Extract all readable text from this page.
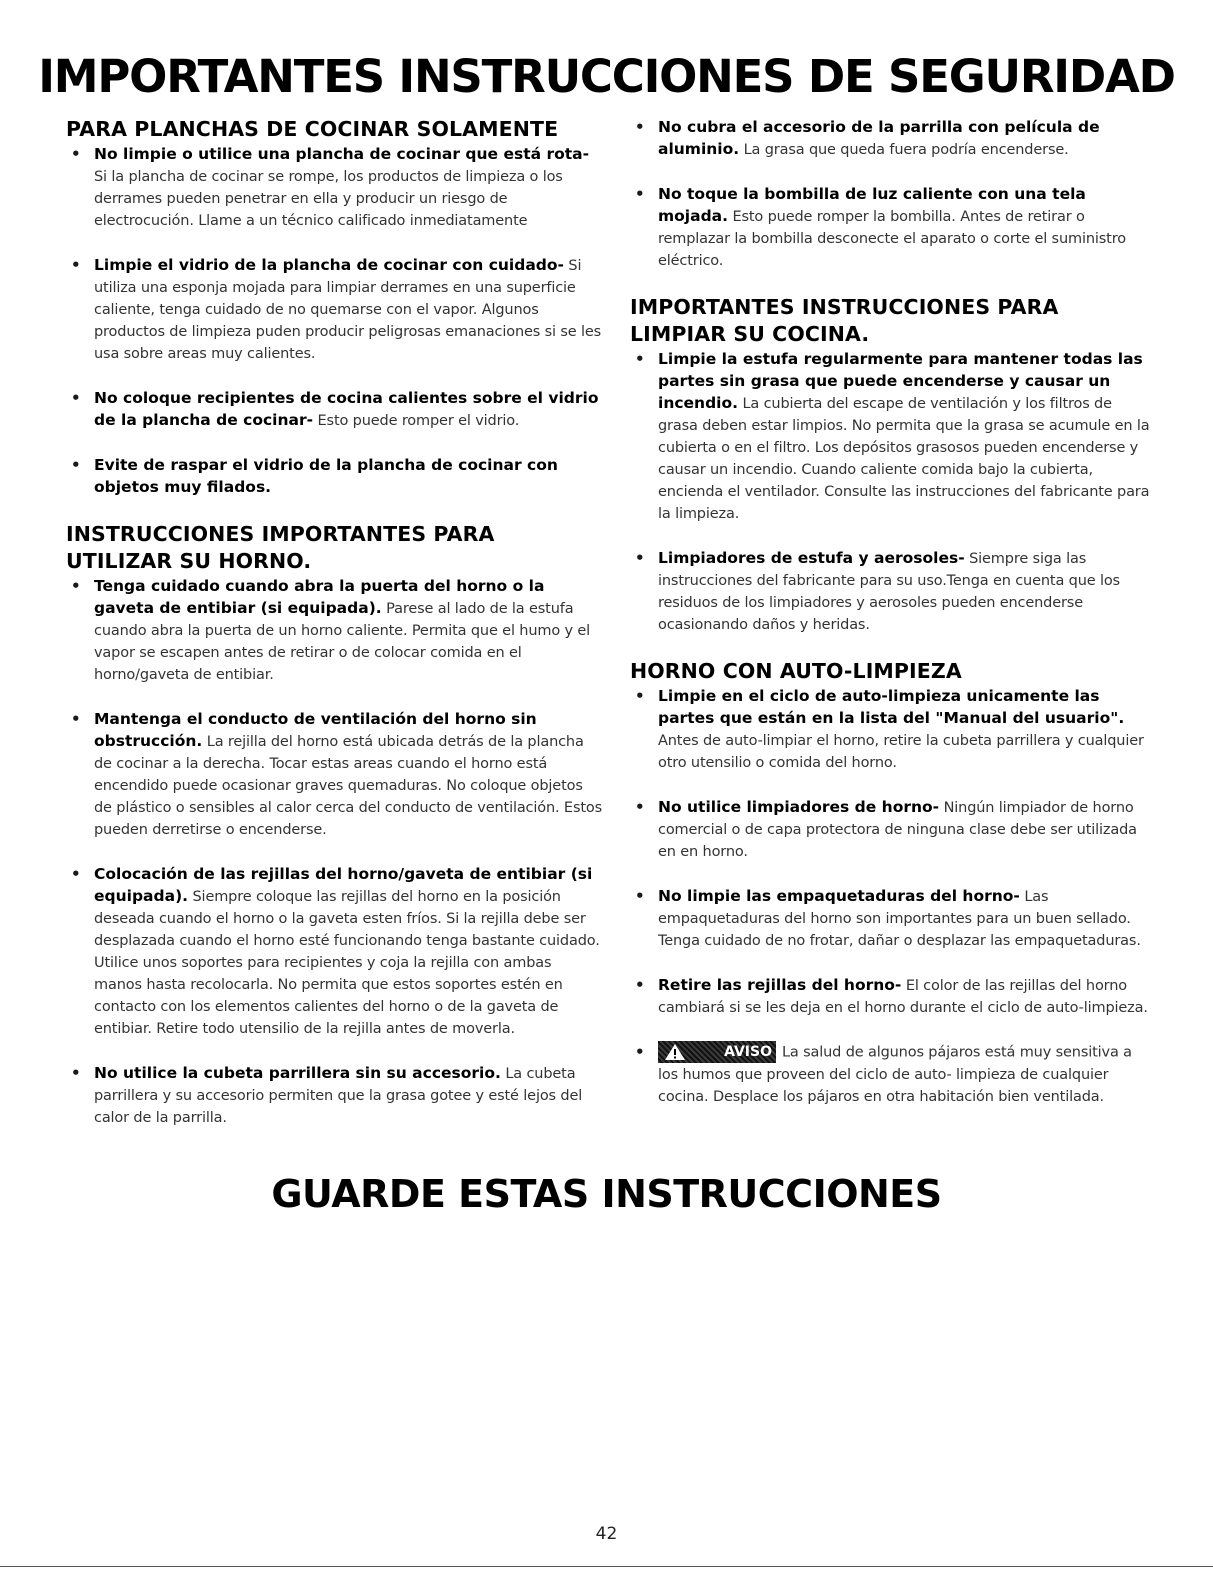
IMPORTANTES INSTRUCCIONES DE SEGURIDAD
PARA PLANCHAS DE COCINAR SOLAMENTE
• No limpie o utilice una plancha de cocinar que está rota- Si la plancha de cocinar se rompe, los productos de limpieza o los derrames pueden penetrar en ella y producir un riesgo de electrocución. Llame a un técnico calificado inmediatamente
• Limpie el vidrio de la plancha de cocinar con cuidado- Si utiliza una esponja mojada para limpiar derrames en una superficie caliente, tenga cuidado de no quemarse con el vapor. Algunos productos de limpieza puden producir peligrosas emanaciones si se les usa sobre areas muy calientes.
• No coloque recipientes de cocina calientes sobre el vidrio de la plancha de cocinar- Esto puede romper el vidrio.
• Evite de raspar el vidrio de la plancha de cocinar con objetos muy filados.
INSTRUCCIONES IMPORTANTES PARA UTILIZAR SU HORNO.
• Tenga cuidado cuando abra la puerta del horno o la gaveta de entibiar (si equipada). Parese al lado de la estufa cuando abra la puerta de un horno caliente. Permita que el humo y el vapor se escapen antes de retirar o de colocar comida en el horno/gaveta de entibiar.
• Mantenga el conducto de ventilación del horno sin obstrucción. La rejilla del horno está ubicada detrás de la plancha de cocinar a la derecha. Tocar estas areas cuando el horno está encendido puede ocasionar graves quemaduras. No coloque objetos de plástico o sensibles al calor cerca del conducto de ventilación. Estos pueden derretirse o encenderse.
• Colocación de las rejillas del horno/gaveta de entibiar (si equipada). Siempre coloque las rejillas del horno en la posición deseada cuando el horno o la gaveta esten fríos. Si la rejilla debe ser desplazada cuando el horno esté funcionando tenga bastante cuidado. Utilice unos soportes para recipientes y coja la rejilla con ambas manos hasta recolocarla. No permita que estos soportes estén en contacto con los elementos calientes del horno o de la gaveta de entibiar. Retire todo utensilio de la rejilla antes de moverla.
• No utilice la cubeta parrillera sin su accesorio. La cubeta parrillera y su accesorio permiten que la grasa gotee y esté lejos del calor de la parrilla.
• No cubra el accesorio de la parrilla con película de aluminio. La grasa que queda fuera podría encenderse.
• No toque la bombilla de luz caliente con una tela mojada. Esto puede romper la bombilla. Antes de retirar o remplazar la bombilla desconecte el aparato o corte el suministro eléctrico.
IMPORTANTES INSTRUCCIONES PARA LIMPIAR SU COCINA.
• Limpie la estufa regularmente para mantener todas las partes sin grasa que puede encenderse y causar un incendio. La cubierta del escape de ventilación y los filtros de grasa deben estar limpios. No permita que la grasa se acumule en la cubierta o en el filtro. Los depósitos grasosos pueden encenderse y causar un incendio. Cuando caliente comida bajo la cubierta, encienda el ventilador. Consulte las instrucciones del fabricante para la limpieza.
• Limpiadores de estufa y aerosoles- Siempre siga las instrucciones del fabricante para su uso.Tenga en cuenta que los residuos de los limpiadores y aerosoles pueden encenderse ocasionando daños y heridas.
HORNO CON AUTO-LIMPIEZA
• Limpie en el ciclo de auto-limpieza unicamente las partes que están en la lista del "Manual del usuario". Antes de auto-limpiar el horno, retire la cubeta parrillera y cualquier otro utensilio o comida del horno.
• No utilice limpiadores de horno- Ningún limpiador de horno comercial o de capa protectora de ninguna clase debe ser utilizada en en horno.
• No limpie las empaquetaduras del horno- Las empaquetaduras del horno son importantes para un buen sellado. Tenga cuidado de no frotar, dañar o desplazar las empaquetaduras.
• Retire las rejillas del horno- El color de las rejillas del horno cambiará si se les deja en el horno durante el ciclo de auto-limpieza.
•	AVISO La salud de algunos pájaros está muy sensitiva a los humos que proveen del ciclo de auto- limpieza de cualquier cocina. Desplace los pájaros en otra habitación bien ventilada.
GUARDE ESTAS INSTRUCCIONES
42
